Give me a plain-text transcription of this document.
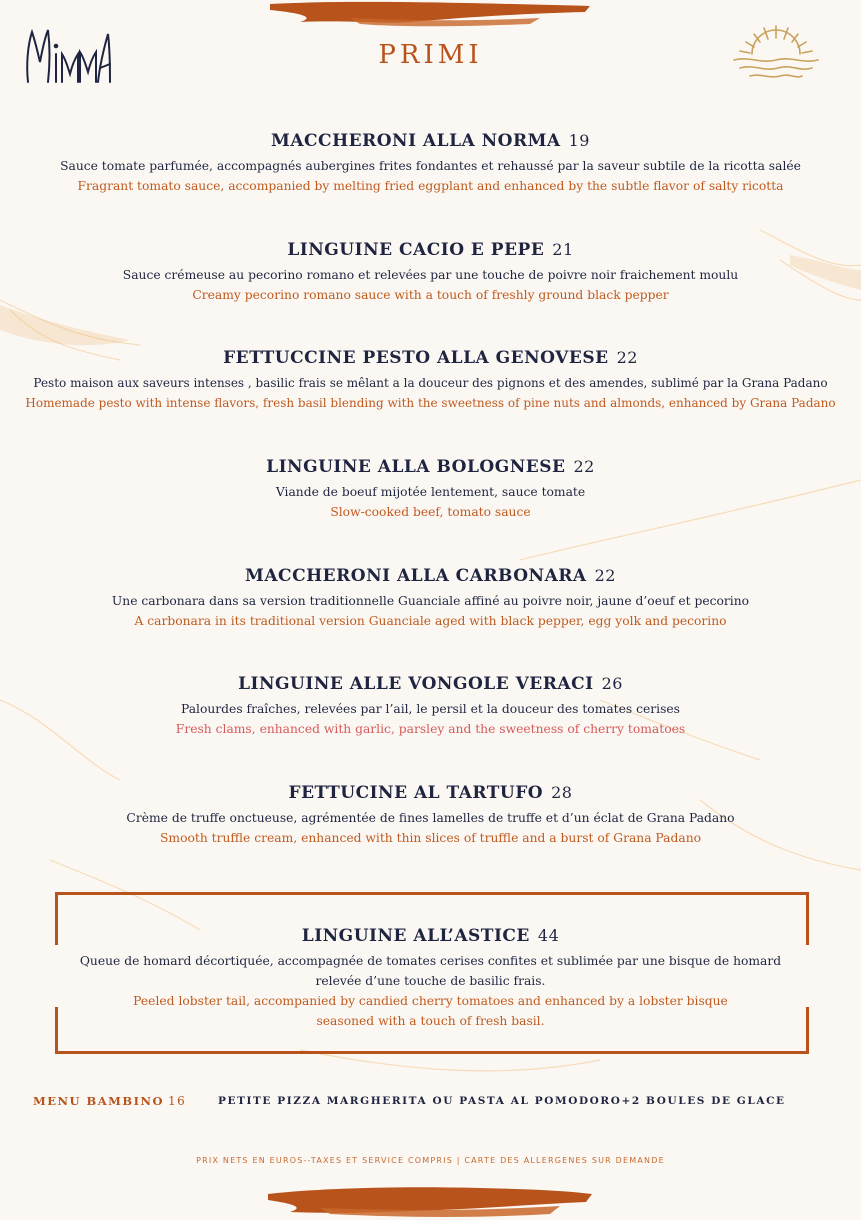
PRIMI
MACCHERONI ALLA NORMA 19
Sauce tomate parfumée, accompagnés aubergines frites fondantes et rehaussé par la saveur subtile de la ricotta salée
Fragrant tomato sauce, accompanied by melting fried eggplant and enhanced by the subtle flavor of salty ricotta
LINGUINE CACIO E PEPE 21
Sauce crémeuse au pecorino romano et relevées par une touche de poivre noir fraichement moulu
Creamy pecorino romano sauce with a touch of freshly ground black pepper
FETTUCCINE PESTO ALLA GENOVESE 22
Pesto maison aux saveurs intenses , basilic frais se mêlant a la douceur des pignons et des amendes, sublimé par la Grana Padano
Homemade pesto with intense flavors, fresh basil blending with the sweetness of pine nuts and almonds, enhanced by Grana Padano
LINGUINE ALLA BOLOGNESE 22
Viande de boeuf mijotée lentement, sauce tomate
Slow-cooked beef, tomato sauce
MACCHERONI ALLA CARBONARA 22
Une carbonara dans sa version traditionnelle Guanciale affiné au poivre noir, jaune d’oeuf et pecorino
A carbonara in its traditional version Guanciale aged with black pepper, egg yolk and pecorino
LINGUINE ALLE VONGOLE VERACI 26
Palourdes fraîches, relevées par l’ail, le persil et la douceur des tomates cerises
Fresh clams, enhanced with garlic, parsley and the sweetness of cherry tomatoes
FETTUCINE AL TARTUFO 28
Crème de truffe onctueuse, agrémentée de fines lamelles de truffe et d’un éclat de Grana Padano
Smooth truffle cream, enhanced with thin slices of truffle and a burst of Grana Padano
LINGUINE ALL’ASTICE 44
Queue de homard décortiquée, accompagnée de tomates cerises confites et sublimée par une bisque de homard
relevée d’une touche de basilic frais.
Peeled lobster tail, accompanied by candied cherry tomatoes and enhanced by a lobster bisque
seasoned with a touch of fresh basil.
MENU BAMBINO 16	PETITE PIZZA MARGHERITA OU PASTA AL POMODORO+2 BOULES DE GLACE
PRIX NETS EN EUROS--TAXES ET SERVICE COMPRIS | CARTE DES ALLERGENES SUR DEMANDE
